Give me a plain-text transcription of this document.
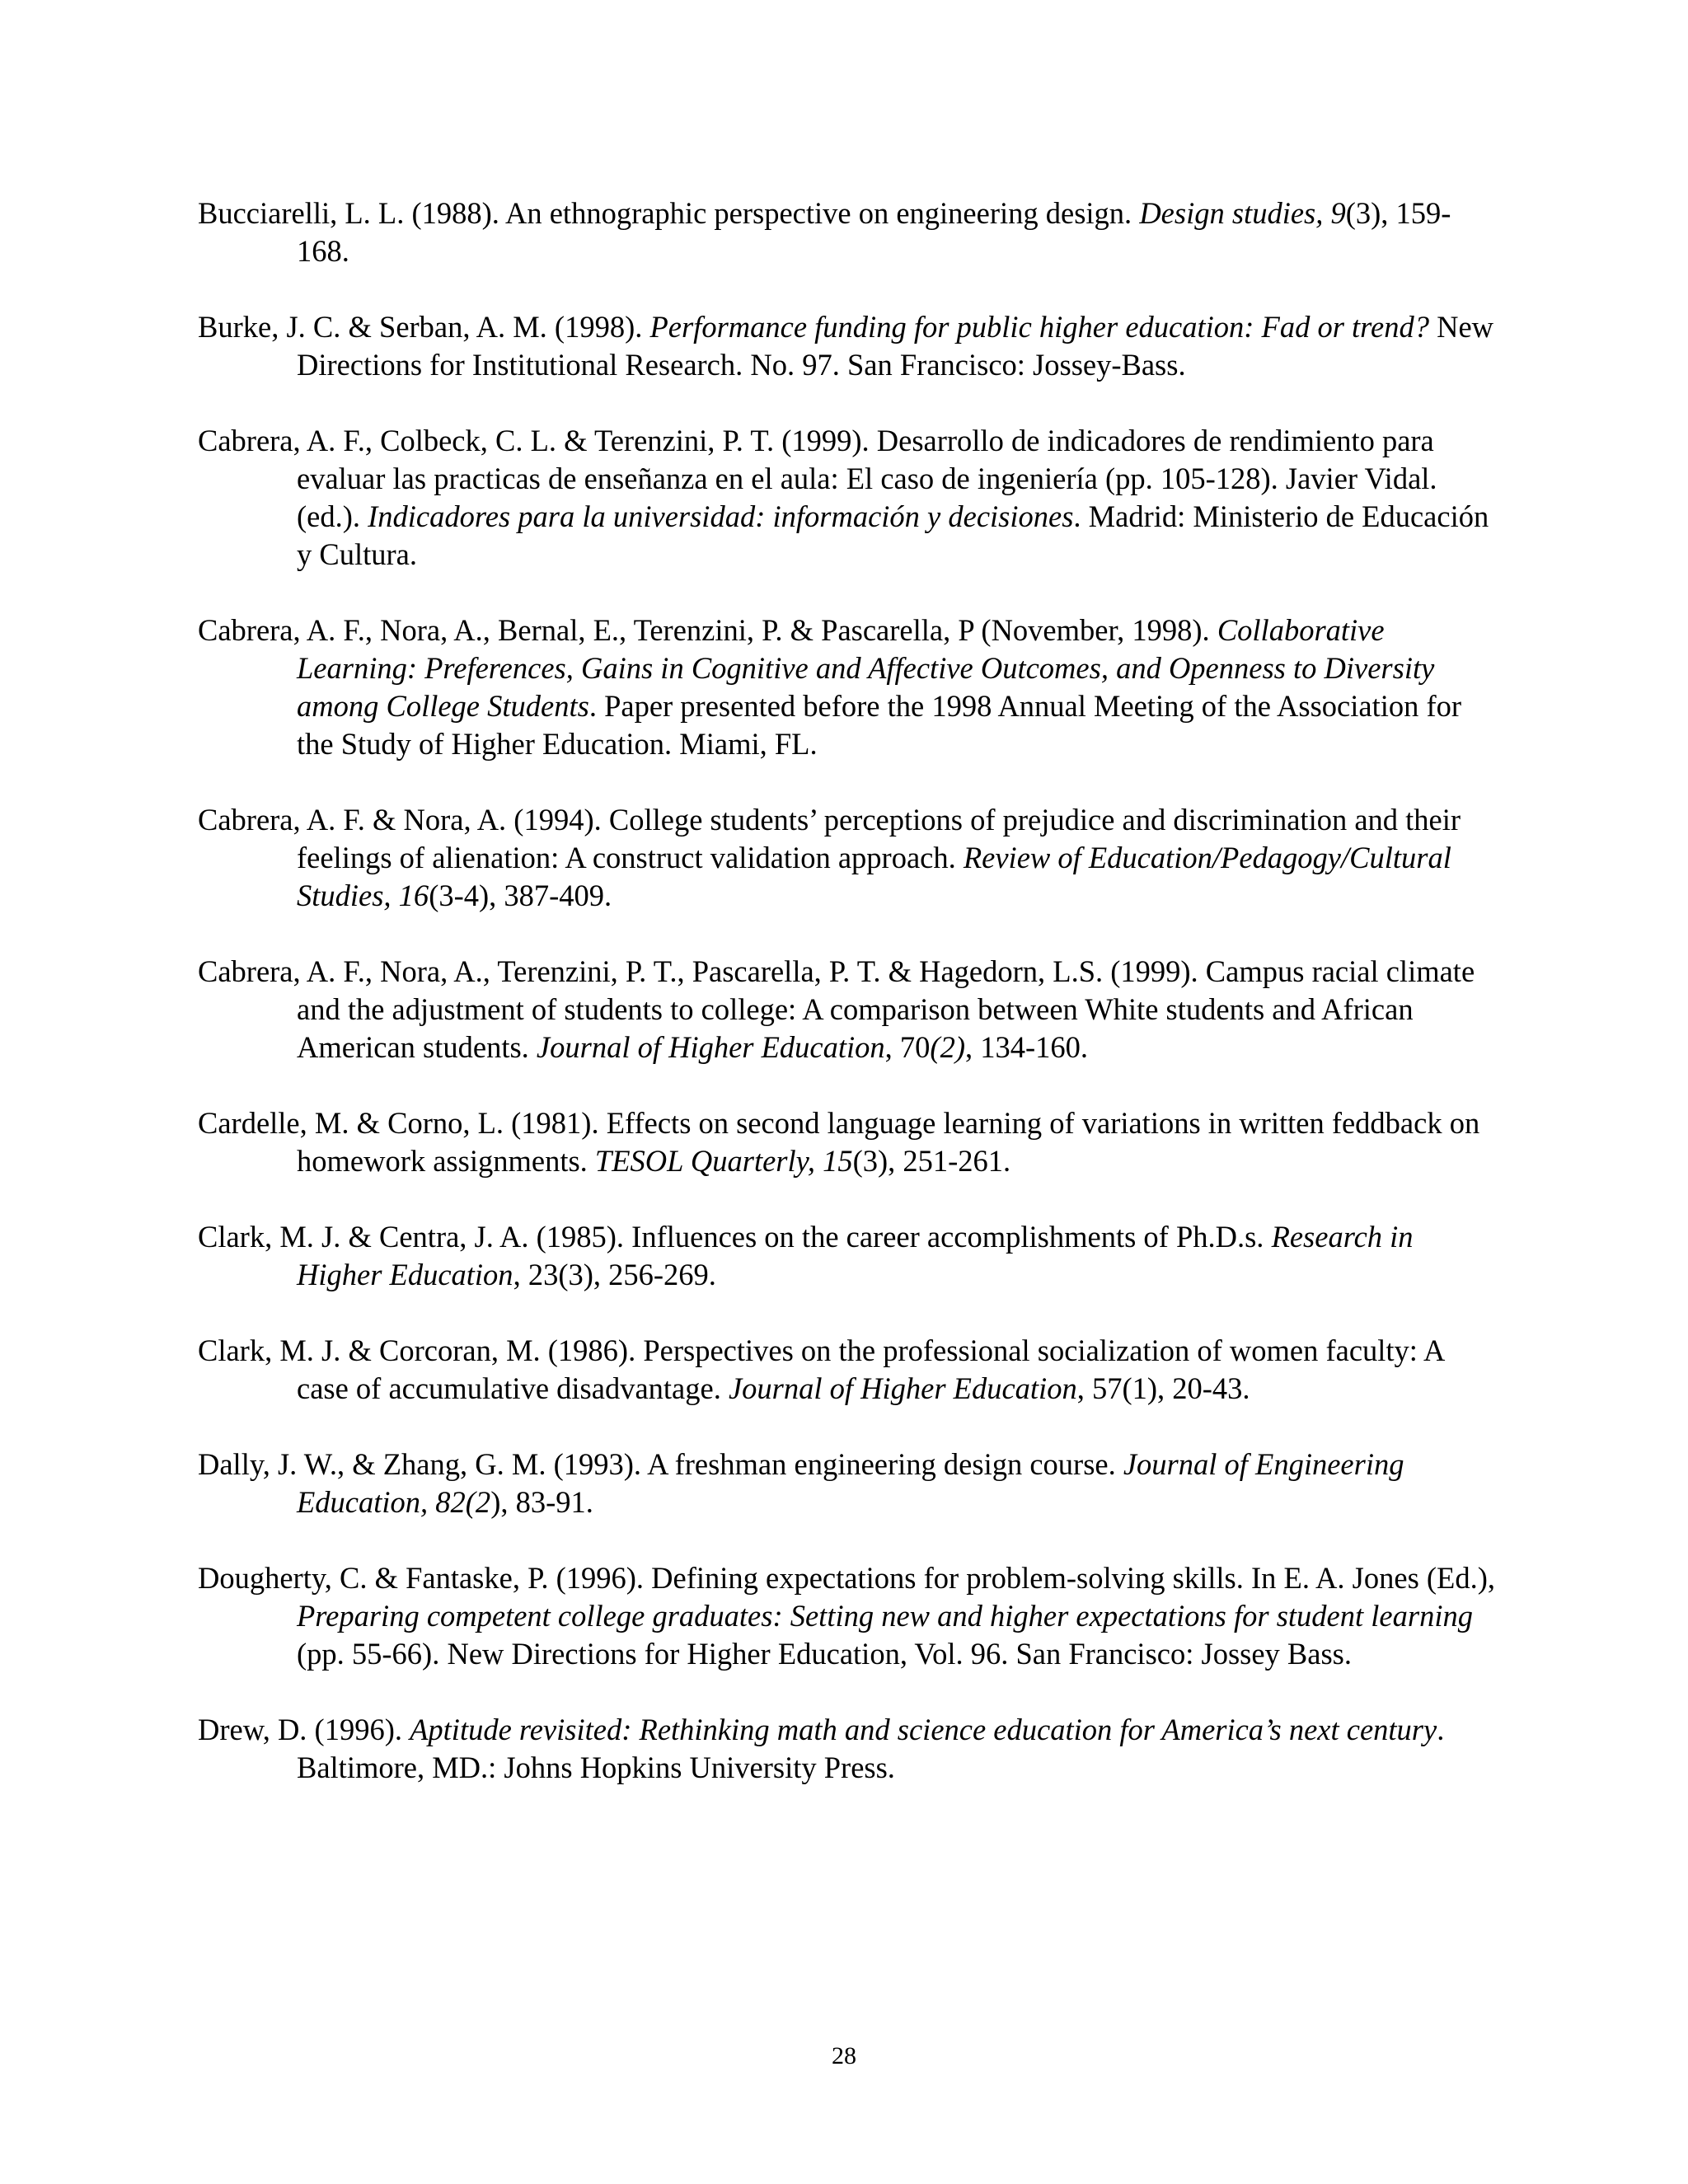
Bucciarelli, L. L. (1988). An ethnographic perspective on engineering design. Design studies, 9(3), 159-168.

Burke, J. C. & Serban, A. M. (1998). Performance funding for public higher education: Fad or trend? New Directions for Institutional Research. No. 97. San Francisco: Jossey-Bass.

Cabrera, A. F., Colbeck, C. L. & Terenzini, P. T. (1999). Desarrollo de indicadores de rendimiento para evaluar las practicas de enseñanza en el aula: El caso de ingeniería (pp. 105-128). Javier Vidal. (ed.). Indicadores para la universidad: información y decisiones. Madrid: Ministerio de Educación y Cultura.

Cabrera, A. F., Nora, A., Bernal, E., Terenzini, P. & Pascarella, P (November, 1998). Collaborative Learning: Preferences, Gains in Cognitive and Affective Outcomes, and Openness to Diversity among College Students. Paper presented before the 1998 Annual Meeting of the Association for the Study of Higher Education. Miami, FL.

Cabrera, A. F. & Nora, A. (1994). College students’ perceptions of prejudice and discrimination and their feelings of alienation: A construct validation approach. Review of Education/Pedagogy/Cultural Studies, 16(3-4), 387-409.

Cabrera, A. F., Nora, A., Terenzini, P. T., Pascarella, P. T. & Hagedorn, L.S. (1999). Campus racial climate and the adjustment of students to college: A comparison between White students and African American students. Journal of Higher Education, 70(2), 134-160.

Cardelle, M. & Corno, L. (1981). Effects on second language learning of variations in written feddback on homework assignments. TESOL Quarterly, 15(3), 251-261.

Clark, M. J. & Centra, J. A. (1985). Influences on the career accomplishments of Ph.D.s. Research in Higher Education, 23(3), 256-269.

Clark, M. J. & Corcoran, M. (1986). Perspectives on the professional socialization of women faculty: A case of accumulative disadvantage. Journal of Higher Education, 57(1), 20-43.

Dally, J. W., & Zhang, G. M. (1993). A freshman engineering design course. Journal of Engineering Education, 82(2), 83-91.

Dougherty, C. & Fantaske, P. (1996). Defining expectations for problem-solving skills. In E. A. Jones (Ed.), Preparing competent college graduates: Setting new and higher expectations for student learning (pp. 55-66). New Directions for Higher Education, Vol. 96. San Francisco: Jossey Bass.

Drew, D. (1996). Aptitude revisited: Rethinking math and science education for America’s next century. Baltimore, MD.: Johns Hopkins University Press.

28
